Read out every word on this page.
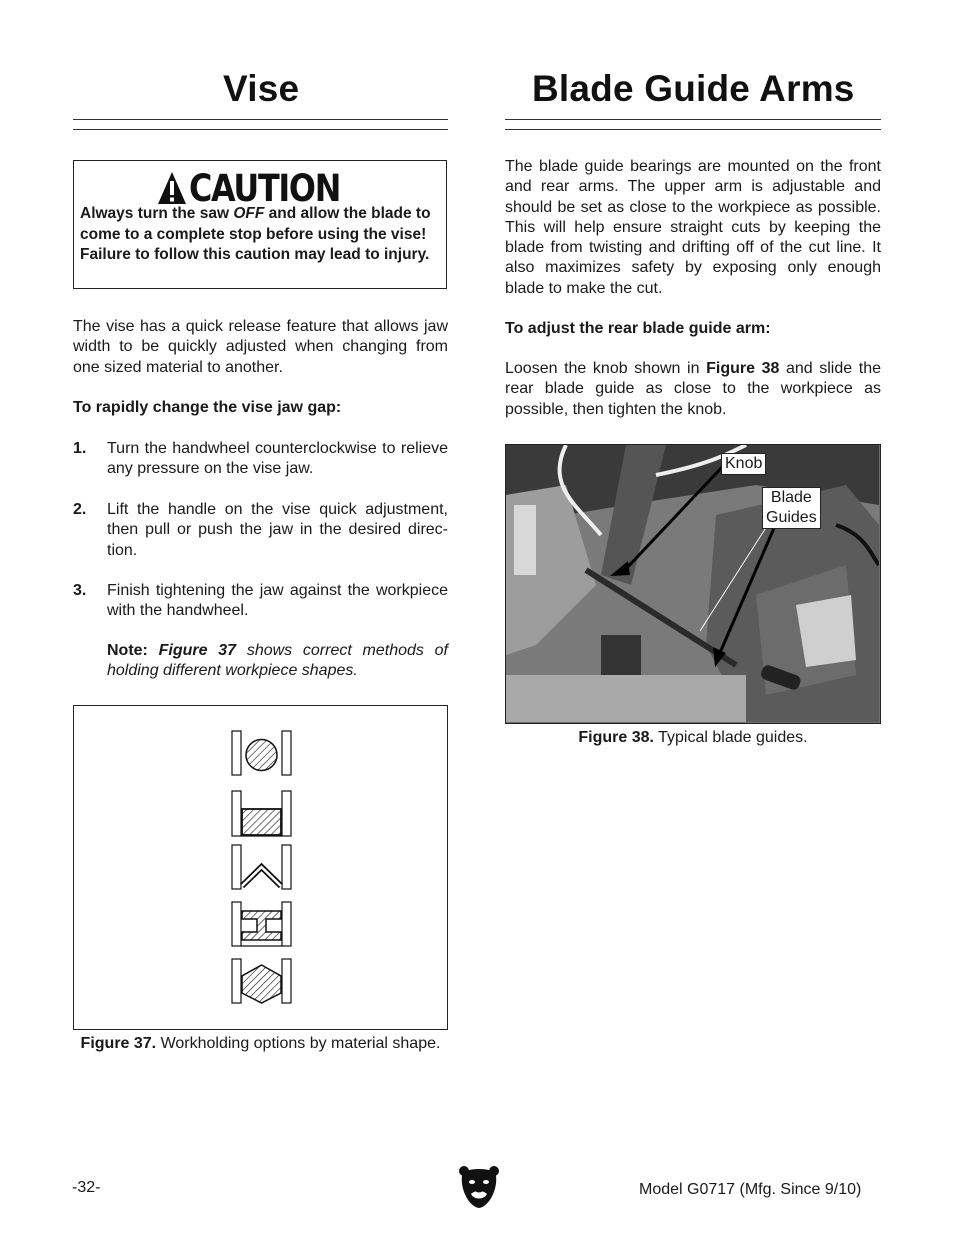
Vise
CAUTION

Always turn the saw OFF and allow the blade to come to a complete stop before using the vise! Failure to follow this caution may lead to injury.

The vise has a quick release feature that allows jaw width to be quickly adjusted when changing from one sized material to another.

To rapidly change the vise jaw gap:

1. Turn the handwheel counterclockwise to relieve any pressure on the vise jaw.

2. Lift the handle on the vise quick adjustment, then pull or push the jaw in the desired direc-tion.

3. Finish tightening the jaw against the workpiece with the handwheel.

Note: Figure 37 shows correct methods of holding different workpiece shapes.

Figure 37. Workholding options by material shape.
Blade Guide Arms

The blade guide bearings are mounted on the front and rear arms. The upper arm is adjustable and should be set as close to the workpiece as possible. This will help ensure straight cuts by keeping the blade from twisting and drifting off of the cut line. It also maximizes safety by exposing only enough blade to make the cut.

To adjust the rear blade guide arm:

Loosen the knob shown in Figure 38 and slide the rear blade guide as close to the workpiece as possible, then tighten the knob.

Knob
Blade
Guides
Figure 38. Typical blade guides.
-32-	Model G0717 (Mfg. Since 9/10)
